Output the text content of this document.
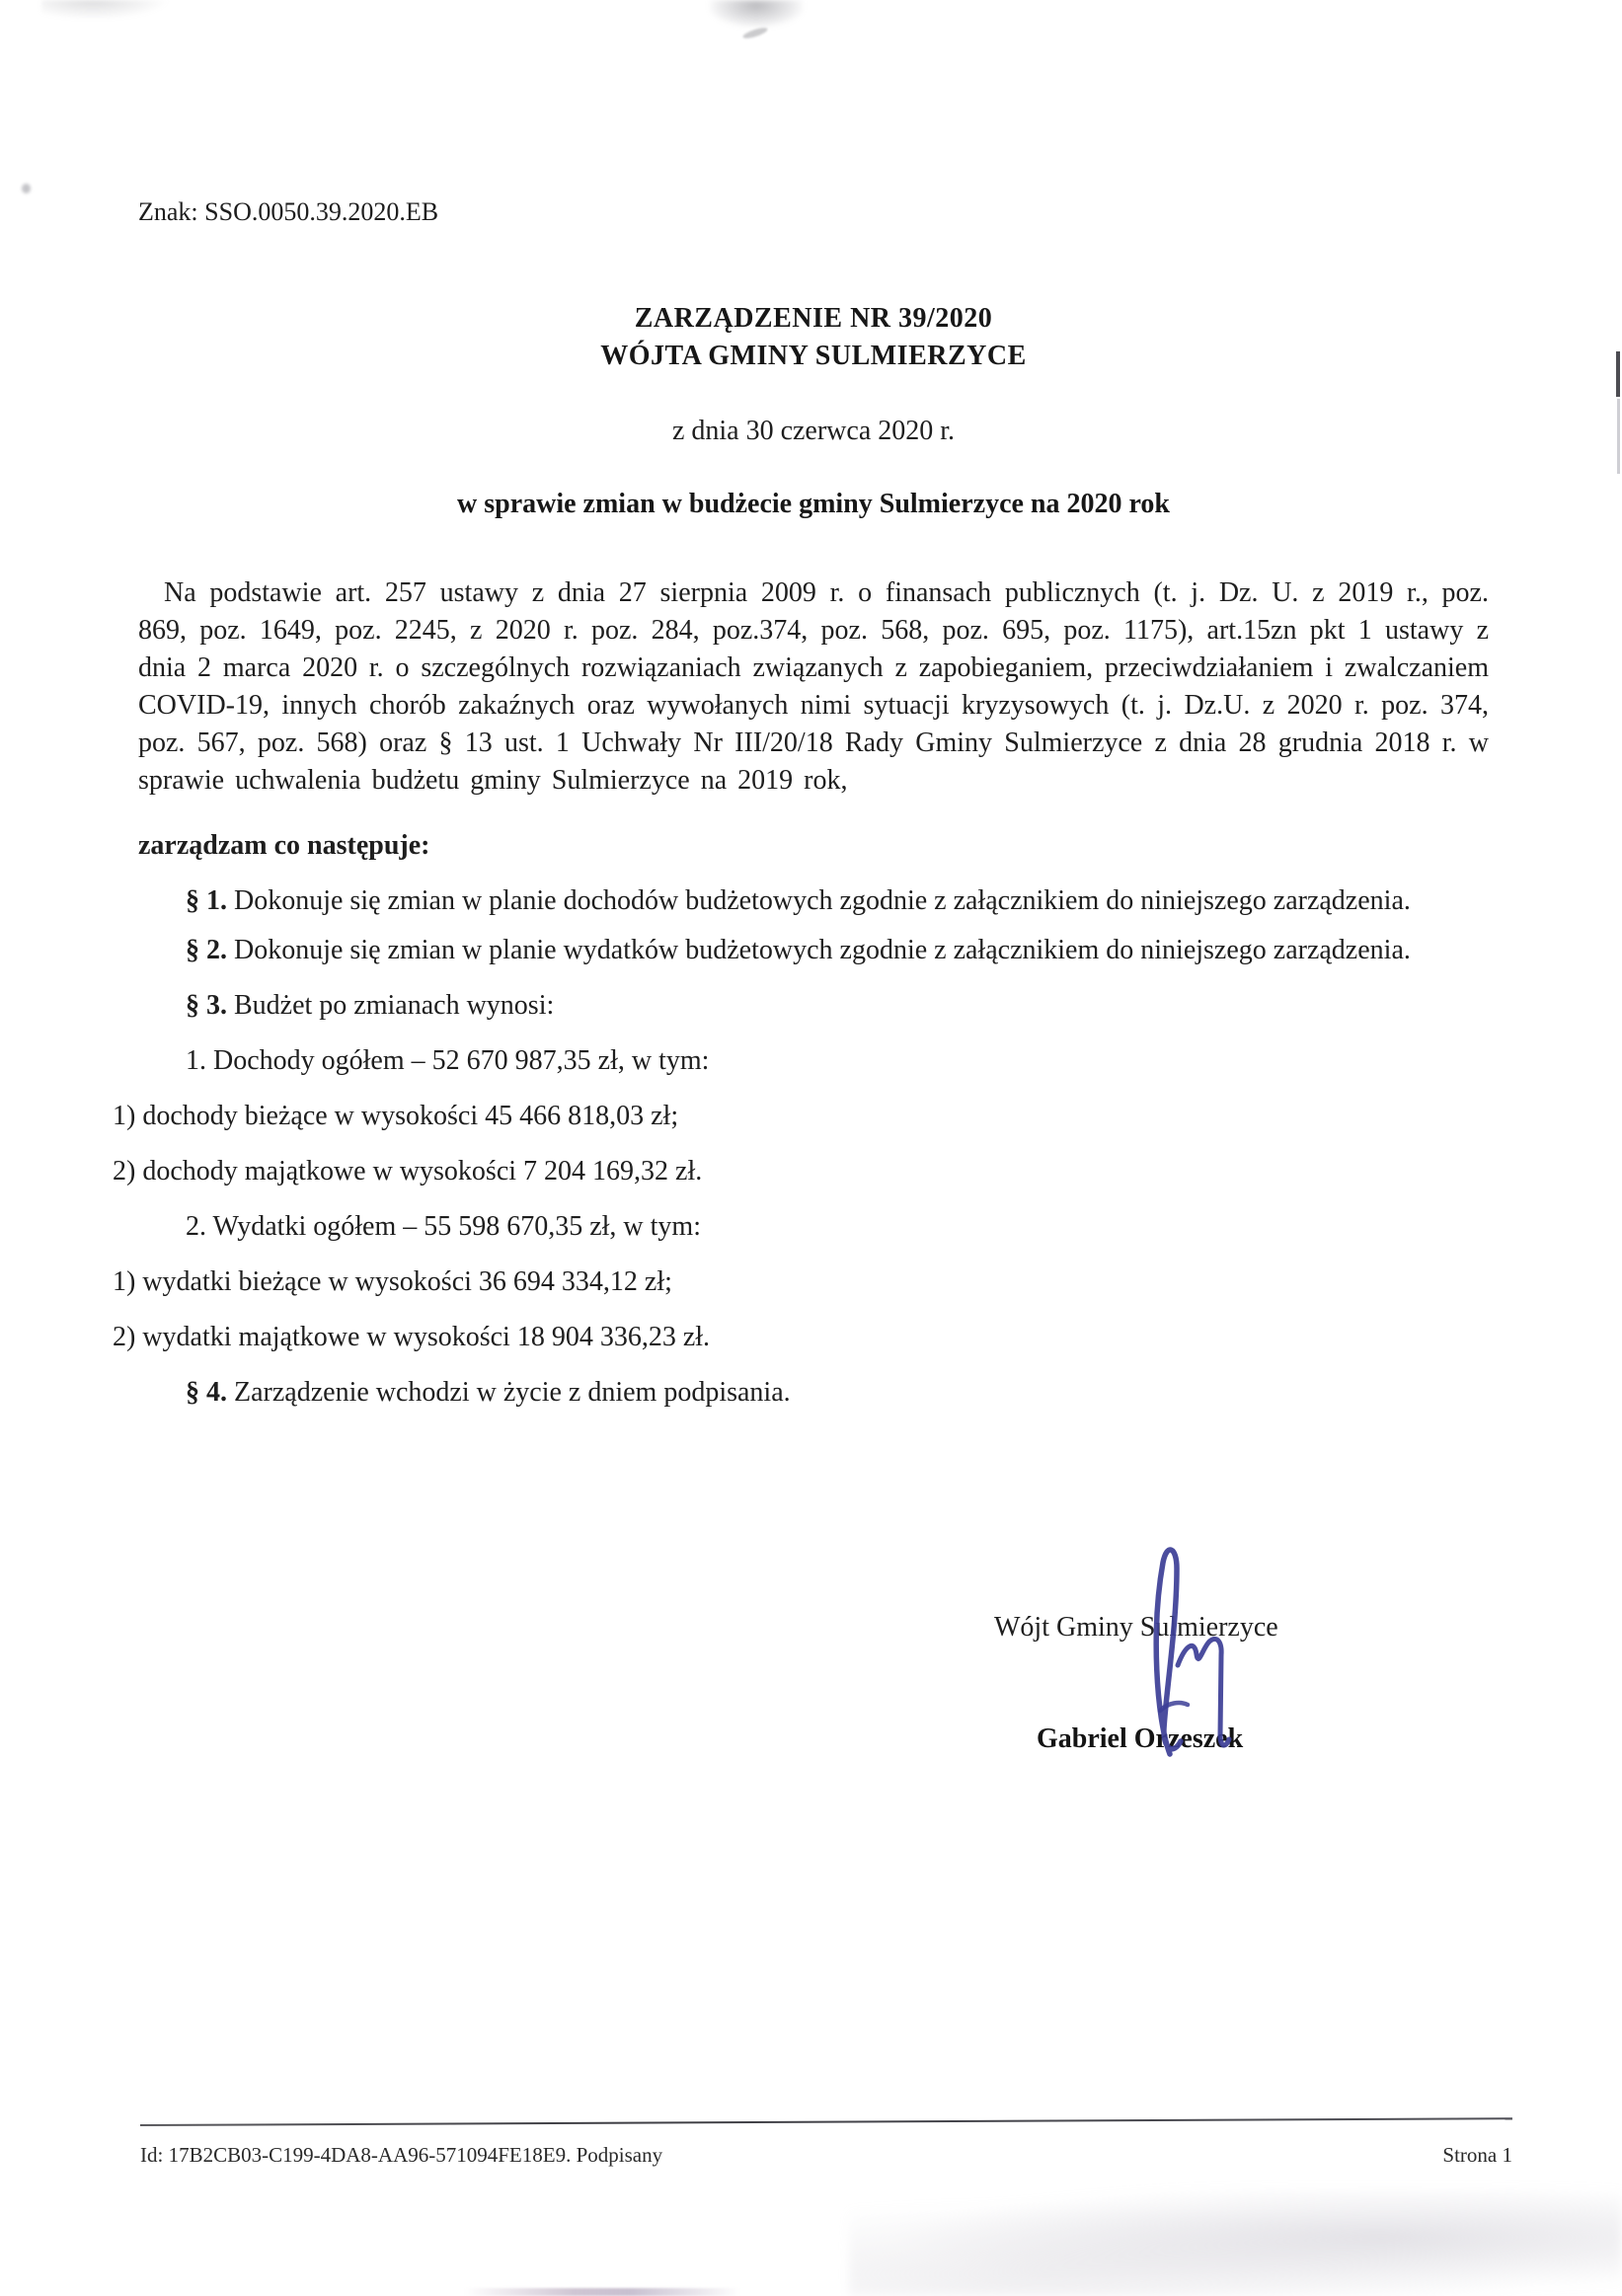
Znak: SSO.0050.39.2020.EB
ZARZĄDZENIE NR 39/2020
WÓJTA GMINY SULMIERZYCE
z dnia 30 czerwca 2020 r.
w sprawie zmian w budżecie gminy Sulmierzyce na 2020 rok

Na podstawie art. 257 ustawy z dnia 27 sierpnia 2009 r. o finansach publicznych (t. j. Dz. U. z 2019 r., poz. 869, poz. 1649, poz. 2245, z 2020 r. poz. 284, poz.374, poz. 568, poz. 695, poz. 1175), art.15zn pkt 1 ustawy z dnia 2 marca 2020 r. o szczególnych rozwiązaniach związanych z zapobieganiem, przeciwdziałaniem i zwalczaniem COVID-19, innych chorób zakaźnych oraz wywołanych nimi sytuacji kryzysowych (t. j. Dz.U. z 2020 r. poz. 374, poz. 567, poz. 568) oraz § 13 ust. 1 Uchwały Nr III/20/18 Rady Gminy Sulmierzyce z dnia 28 grudnia 2018 r. w sprawie uchwalenia budżetu gminy Sulmierzyce na 2019 rok,

zarządzam co następuje:

§ 1. Dokonuje się zmian w planie dochodów budżetowych zgodnie z załącznikiem do niniejszego zarządzenia.

§ 2. Dokonuje się zmian w planie wydatków budżetowych zgodnie z załącznikiem do niniejszego zarządzenia.

§ 3. Budżet po zmianach wynosi:

1. Dochody ogółem – 52 670 987,35 zł, w tym:

1) dochody bieżące w wysokości 45 466 818,03 zł;

2) dochody majątkowe w wysokości 7 204 169,32 zł.

2. Wydatki ogółem – 55 598 670,35 zł, w tym:

1) wydatki bieżące w wysokości 36 694 334,12 zł;

2) wydatki majątkowe w wysokości 18 904 336,23 zł.

§ 4. Zarządzenie wchodzi w życie z dniem podpisania.

Wójt Gminy Sulmierzyce
Gabriel Orzeszek
Id: 17B2CB03-C199-4DA8-AA96-571094FE18E9. Podpisany	Strona 1
